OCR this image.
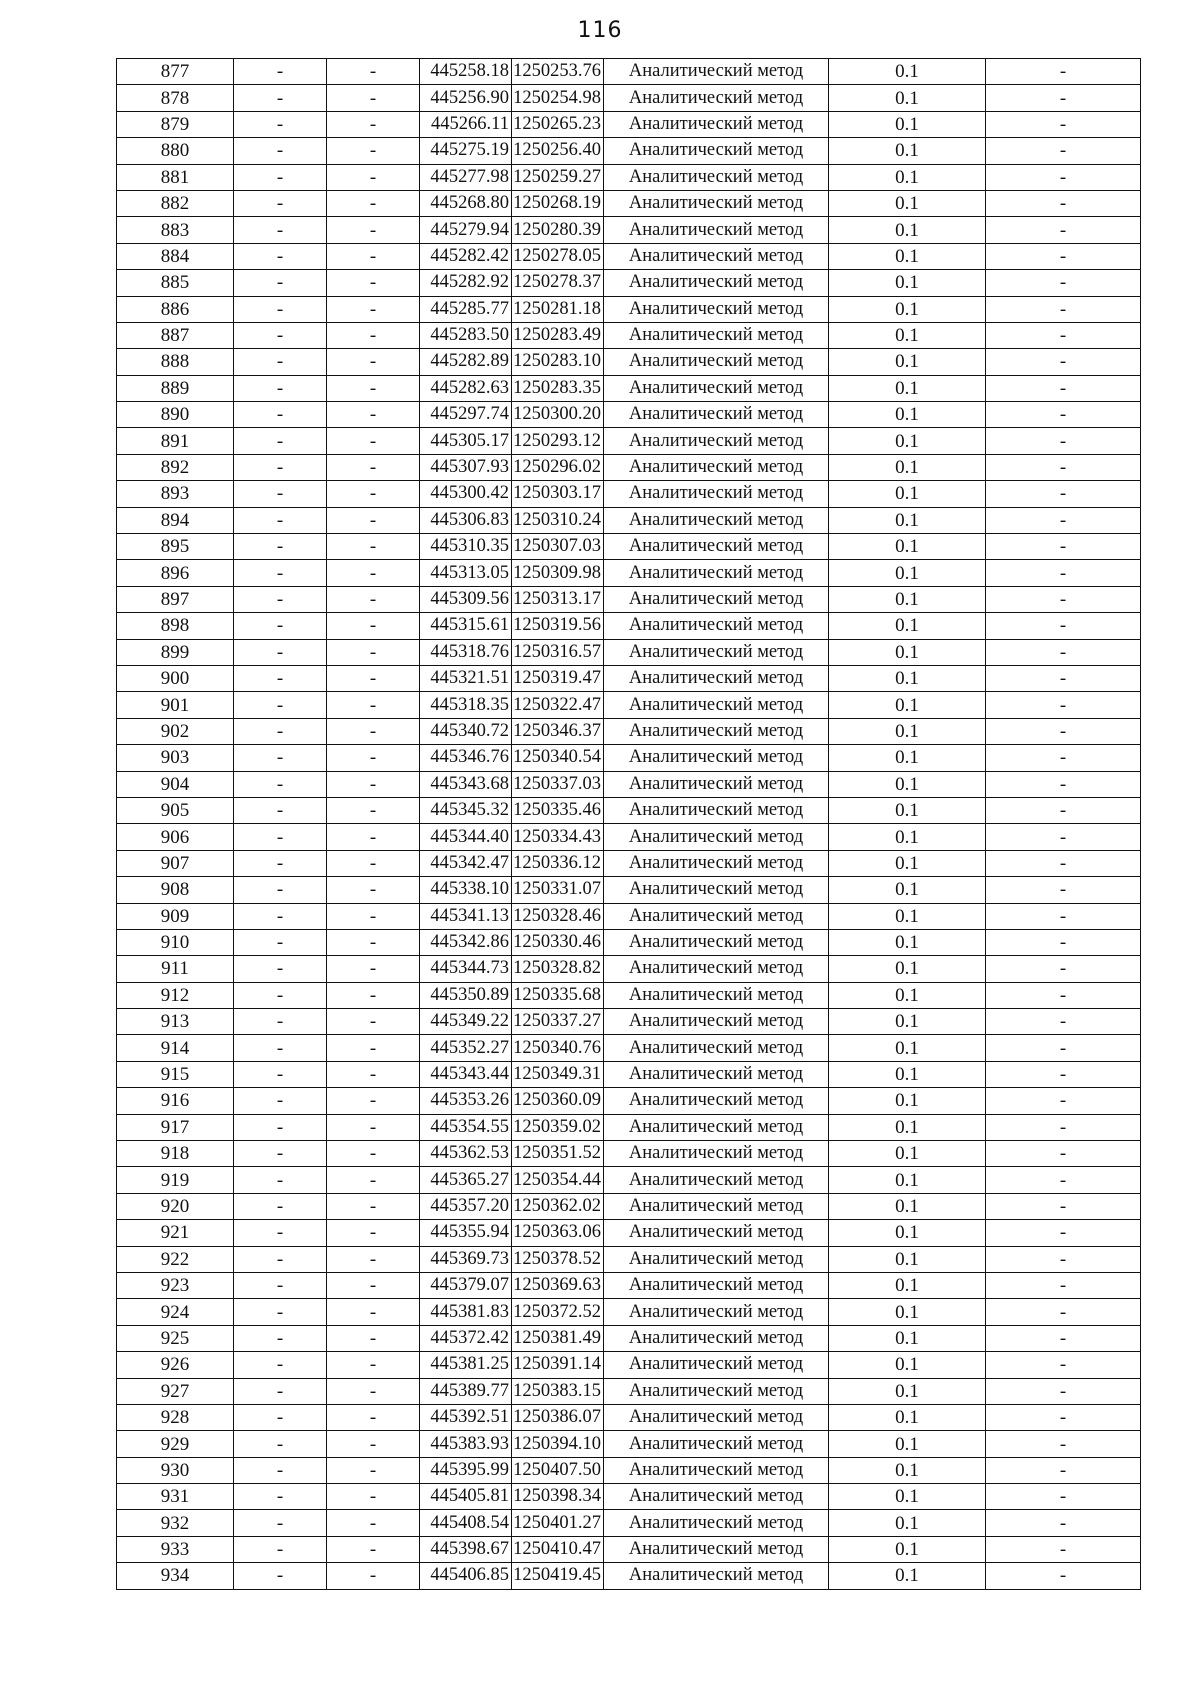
116
877	-	-	445258.18	1250253.76	Аналитический метод	0.1	-
878	-	-	445256.90	1250254.98	Аналитический метод	0.1	-
879	-	-	445266.11	1250265.23	Аналитический метод	0.1	-
880	-	-	445275.19	1250256.40	Аналитический метод	0.1	-
881	-	-	445277.98	1250259.27	Аналитический метод	0.1	-
882	-	-	445268.80	1250268.19	Аналитический метод	0.1	-
883	-	-	445279.94	1250280.39	Аналитический метод	0.1	-
884	-	-	445282.42	1250278.05	Аналитический метод	0.1	-
885	-	-	445282.92	1250278.37	Аналитический метод	0.1	-
886	-	-	445285.77	1250281.18	Аналитический метод	0.1	-
887	-	-	445283.50	1250283.49	Аналитический метод	0.1	-
888	-	-	445282.89	1250283.10	Аналитический метод	0.1	-
889	-	-	445282.63	1250283.35	Аналитический метод	0.1	-
890	-	-	445297.74	1250300.20	Аналитический метод	0.1	-
891	-	-	445305.17	1250293.12	Аналитический метод	0.1	-
892	-	-	445307.93	1250296.02	Аналитический метод	0.1	-
893	-	-	445300.42	1250303.17	Аналитический метод	0.1	-
894	-	-	445306.83	1250310.24	Аналитический метод	0.1	-
895	-	-	445310.35	1250307.03	Аналитический метод	0.1	-
896	-	-	445313.05	1250309.98	Аналитический метод	0.1	-
897	-	-	445309.56	1250313.17	Аналитический метод	0.1	-
898	-	-	445315.61	1250319.56	Аналитический метод	0.1	-
899	-	-	445318.76	1250316.57	Аналитический метод	0.1	-
900	-	-	445321.51	1250319.47	Аналитический метод	0.1	-
901	-	-	445318.35	1250322.47	Аналитический метод	0.1	-
902	-	-	445340.72	1250346.37	Аналитический метод	0.1	-
903	-	-	445346.76	1250340.54	Аналитический метод	0.1	-
904	-	-	445343.68	1250337.03	Аналитический метод	0.1	-
905	-	-	445345.32	1250335.46	Аналитический метод	0.1	-
906	-	-	445344.40	1250334.43	Аналитический метод	0.1	-
907	-	-	445342.47	1250336.12	Аналитический метод	0.1	-
908	-	-	445338.10	1250331.07	Аналитический метод	0.1	-
909	-	-	445341.13	1250328.46	Аналитический метод	0.1	-
910	-	-	445342.86	1250330.46	Аналитический метод	0.1	-
911	-	-	445344.73	1250328.82	Аналитический метод	0.1	-
912	-	-	445350.89	1250335.68	Аналитический метод	0.1	-
913	-	-	445349.22	1250337.27	Аналитический метод	0.1	-
914	-	-	445352.27	1250340.76	Аналитический метод	0.1	-
915	-	-	445343.44	1250349.31	Аналитический метод	0.1	-
916	-	-	445353.26	1250360.09	Аналитический метод	0.1	-
917	-	-	445354.55	1250359.02	Аналитический метод	0.1	-
918	-	-	445362.53	1250351.52	Аналитический метод	0.1	-
919	-	-	445365.27	1250354.44	Аналитический метод	0.1	-
920	-	-	445357.20	1250362.02	Аналитический метод	0.1	-
921	-	-	445355.94	1250363.06	Аналитический метод	0.1	-
922	-	-	445369.73	1250378.52	Аналитический метод	0.1	-
923	-	-	445379.07	1250369.63	Аналитический метод	0.1	-
924	-	-	445381.83	1250372.52	Аналитический метод	0.1	-
925	-	-	445372.42	1250381.49	Аналитический метод	0.1	-
926	-	-	445381.25	1250391.14	Аналитический метод	0.1	-
927	-	-	445389.77	1250383.15	Аналитический метод	0.1	-
928	-	-	445392.51	1250386.07	Аналитический метод	0.1	-
929	-	-	445383.93	1250394.10	Аналитический метод	0.1	-
930	-	-	445395.99	1250407.50	Аналитический метод	0.1	-
931	-	-	445405.81	1250398.34	Аналитический метод	0.1	-
932	-	-	445408.54	1250401.27	Аналитический метод	0.1	-
933	-	-	445398.67	1250410.47	Аналитический метод	0.1	-
934	-	-	445406.85	1250419.45	Аналитический метод	0.1	-
